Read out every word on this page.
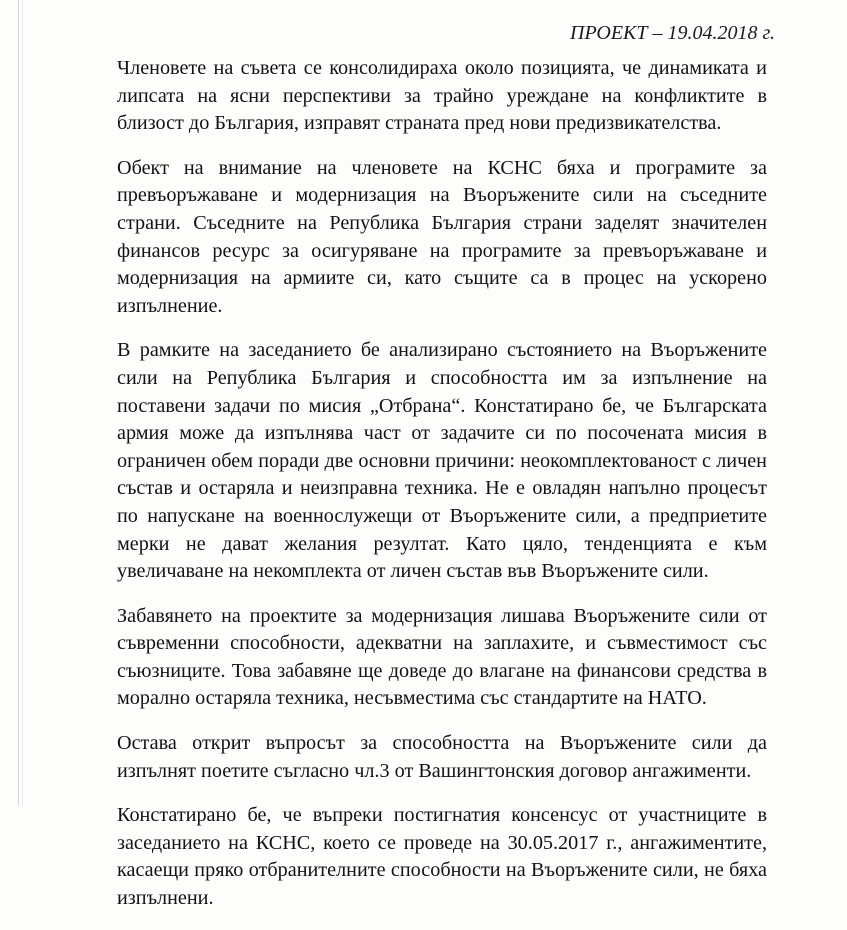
ПРОЕКТ – 19.04.2018 г.

Членовете на съвета се консолидираха около позицията, че динамиката и липсата на ясни перспективи за трайно уреждане на конфликтите в близост до България, изправят страната пред нови предизвикателства.

Обект на внимание на членовете на КСНС бяха и програмите за превъоръжаване и модернизация на Въоръжените сили на съседните страни. Съседните на Република България страни заделят значителен финансов ресурс за осигуряване на програмите за превъоръжаване и модернизация на армиите си, като същите са в процес на ускорено изпълнение.

В рамките на заседанието бе анализирано състоянието на Въоръжените сили на Република България и способността им за изпълнение на поставени задачи по мисия „Отбрана“. Констатирано бе, че Българската армия може да изпълнява част от задачите си по посочената мисия в ограничен обем поради две основни причини: неокомплектованост с личен състав и остаряла и неизправна техника. Не е овладян напълно процесът по напускане на военнослужещи от Въоръжените сили, а предприетите мерки не дават желания резултат. Като цяло, тенденцията е към увеличаване на некомплекта от личен състав във Въоръжените сили.

Забавянето на проектите за модернизация лишава Въоръжените сили от съвременни способности, адекватни на заплахите, и съвместимост със съюзниците. Това забавяне ще доведе до влагане на финансови средства в морално остаряла техника, несъвместима със стандартите на НАТО.

Остава открит въпросът за способността на Въоръжените сили да изпълнят поетите съгласно чл.3 от Вашингтонския договор ангажименти.

Констатирано бе, че въпреки постигнатия консенсус от участниците в заседанието на КСНС, което се проведе на 30.05.2017 г., ангажиментите, касаещи пряко отбранителните способности на Въоръжените сили, не бяха изпълнени.
